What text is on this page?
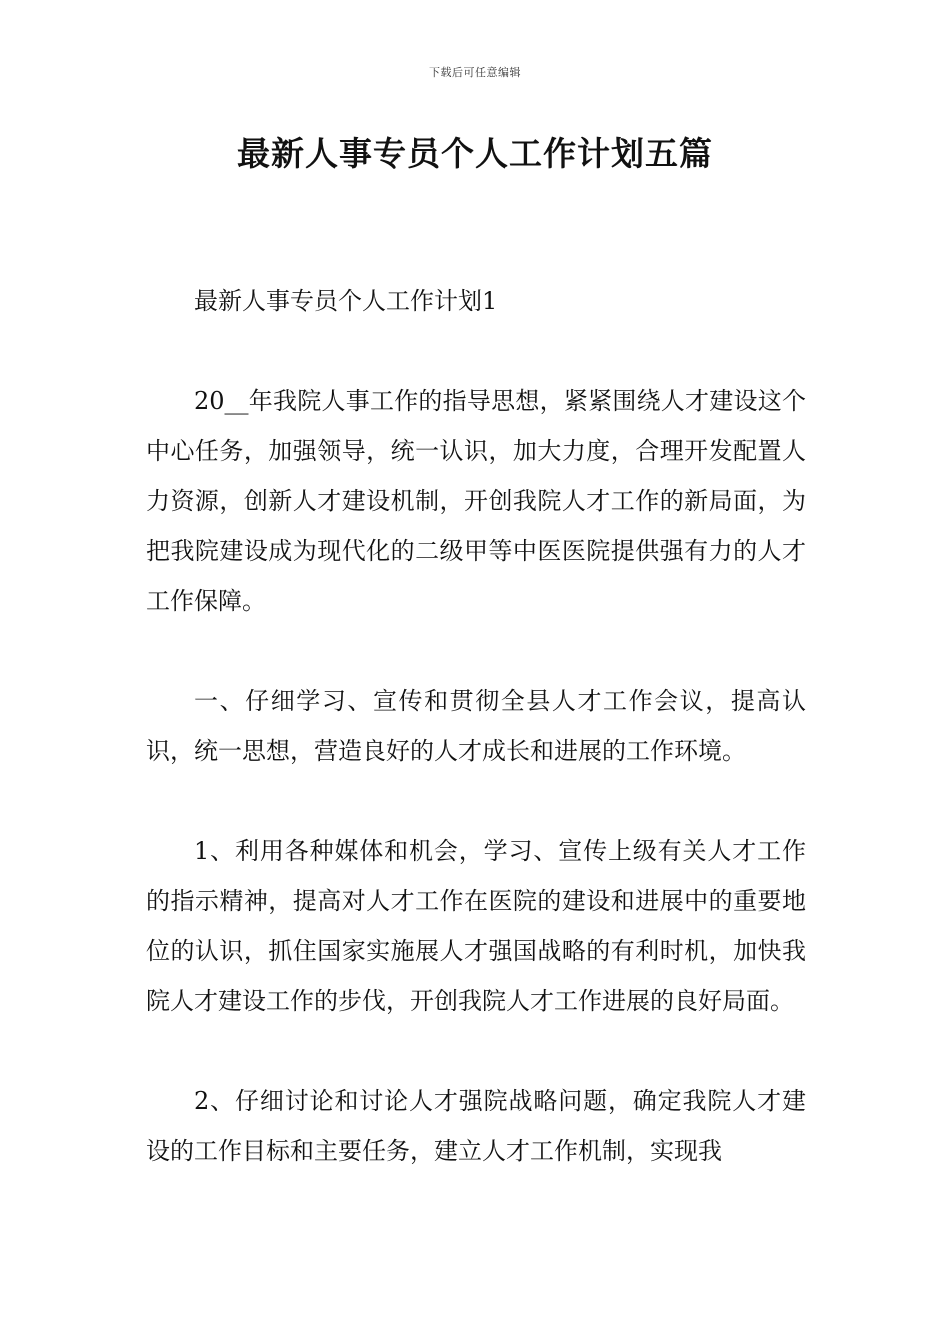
下载后可任意编辑
最新人事专员个人工作计划五篇

最新人事专员个人工作计划1

20__年我院人事工作的指导思想，紧紧围绕人才建设这个中心任务，加强领导，统一认识，加大力度，合理开发配置人力资源，创新人才建设机制，开创我院人才工作的新局面，为把我院建设成为现代化的二级甲等中医医院提供强有力的人才工作保障。

一、仔细学习、宣传和贯彻全县人才工作会议，提高认识，统一思想，营造良好的人才成长和进展的工作环境。

1、利用各种媒体和机会，学习、宣传上级有关人才工作的指示精神，提高对人才工作在医院的建设和进展中的重要地位的认识，抓住国家实施展人才强国战略的有利时机，加快我院人才建设工作的步伐，开创我院人才工作进展的良好局面。

2、仔细讨论和讨论人才强院战略问题，确定我院人才建设的工作目标和主要任务，建立人才工作机制，实现我
